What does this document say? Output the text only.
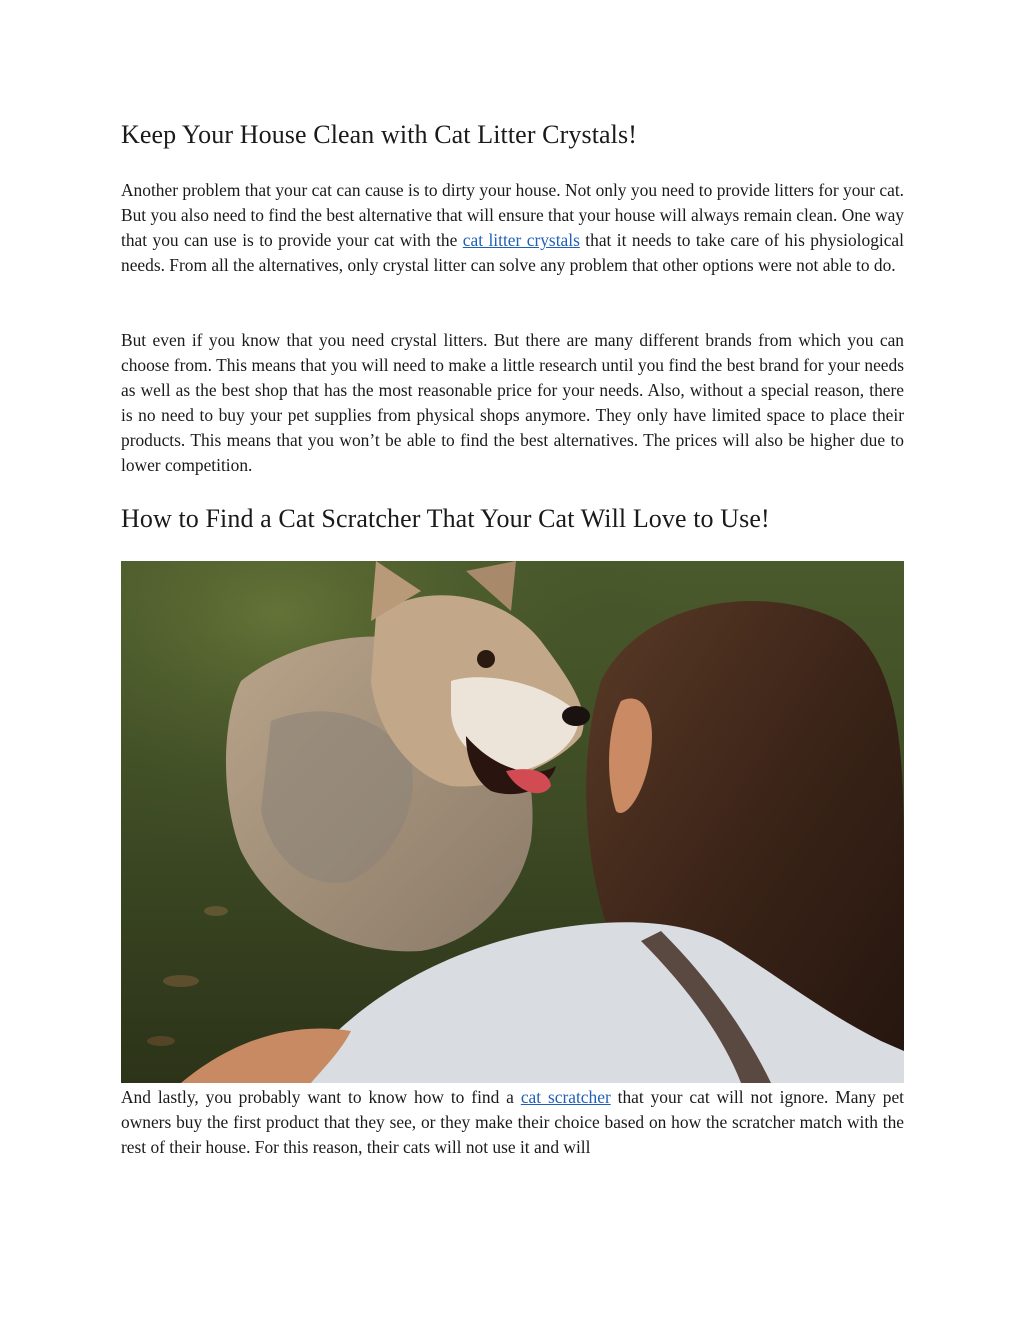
Keep Your House Clean with Cat Litter Crystals!

Another problem that your cat can cause is to dirty your house. Not only you need to provide litters for your cat. But you also need to find the best alternative that will ensure that your house will always remain clean. One way that you can use is to provide your cat with the cat litter crystals that it needs to take care of his physiological needs. From all the alternatives, only crystal litter can solve any problem that other options were not able to do.

But even if you know that you need crystal litters. But there are many different brands from which you can choose from. This means that you will need to make a little research until you find the best brand for your needs as well as the best shop that has the most reasonable price for your needs. Also, without a special reason, there is no need to buy your pet supplies from physical shops anymore. They only have limited space to place their products. This means that you won’t be able to find the best alternatives. The prices will also be higher due to lower competition.

How to Find a Cat Scratcher That Your Cat Will Love to Use!

And lastly, you probably want to know how to find a cat scratcher that your cat will not ignore. Many pet owners buy the first product that they see, or they make their choice based on how the scratcher match with the rest of their house. For this reason, their cats will not use it and will
